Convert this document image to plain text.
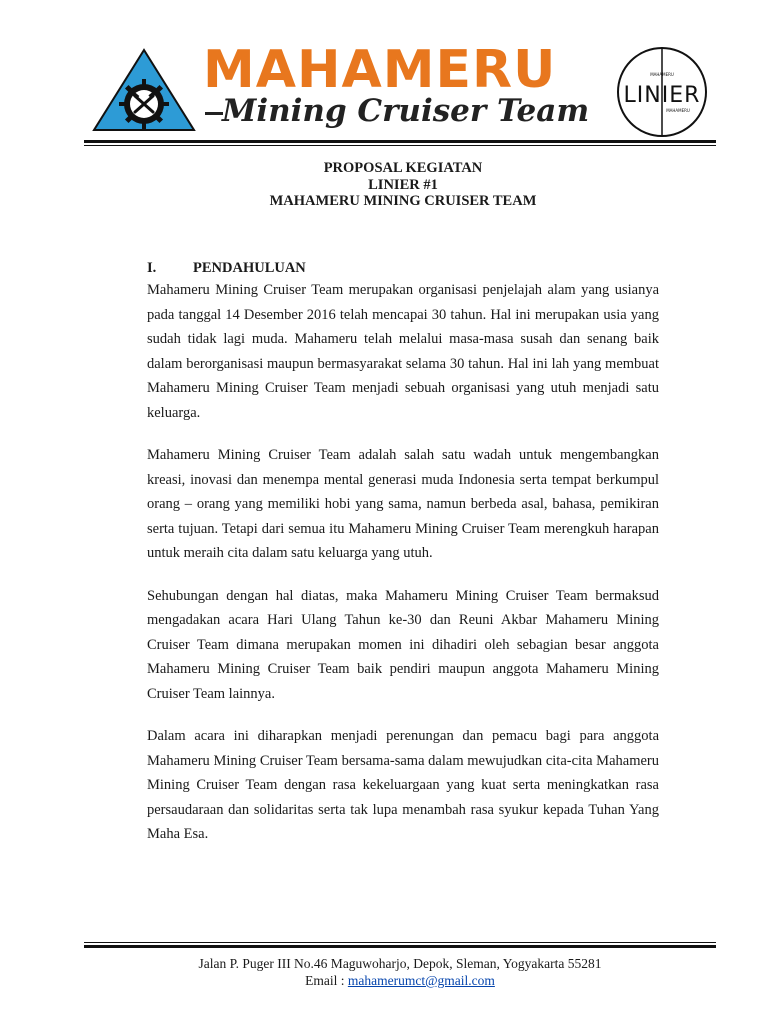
MAHAMERU
Mining Cruiser Team LINIER
MAHAMERU
MAHAMERU
PROPOSAL KEGIATAN
LINIER #1
MAHAMERU MINING CRUISER TEAM
I.	PENDAHULUAN

Mahameru Mining Cruiser Team merupakan organisasi penjelajah alam yang usianya pada tanggal 14 Desember 2016 telah mencapai 30 tahun. Hal ini merupakan usia yang sudah tidak lagi muda. Mahameru telah melalui masa-masa susah dan senang baik dalam berorganisasi maupun bermasyarakat selama 30 tahun. Hal ini lah yang membuat Mahameru Mining Cruiser Team menjadi sebuah organisasi yang utuh menjadi satu keluarga.

Mahameru Mining Cruiser Team adalah salah satu wadah untuk mengembangkan kreasi, inovasi dan menempa mental generasi muda Indonesia serta tempat berkumpul orang – orang yang memiliki hobi yang sama, namun berbeda asal, bahasa, pemikiran serta tujuan. Tetapi dari semua itu Mahameru Mining Cruiser Team merengkuh harapan untuk meraih cita dalam satu keluarga yang utuh.

Sehubungan dengan hal diatas, maka Mahameru Mining Cruiser Team bermaksud mengadakan acara Hari Ulang Tahun ke-30 dan Reuni Akbar Mahameru Mining Cruiser Team dimana merupakan momen ini dihadiri oleh sebagian besar anggota Mahameru Mining Cruiser Team baik pendiri maupun anggota Mahameru Mining Cruiser Team lainnya.

Dalam acara ini diharapkan menjadi perenungan dan pemacu bagi para anggota Mahameru Mining Cruiser Team bersama-sama dalam mewujudkan cita-cita Mahameru Mining Cruiser Team dengan rasa kekeluargaan yang kuat serta meningkatkan rasa persaudaraan dan solidaritas serta tak lupa menambah rasa syukur kepada Tuhan Yang Maha Esa.

Jalan P. Puger III No.46 Maguwoharjo, Depok, Sleman, Yogyakarta 55281
Email : mahamerumct@gmail.com
